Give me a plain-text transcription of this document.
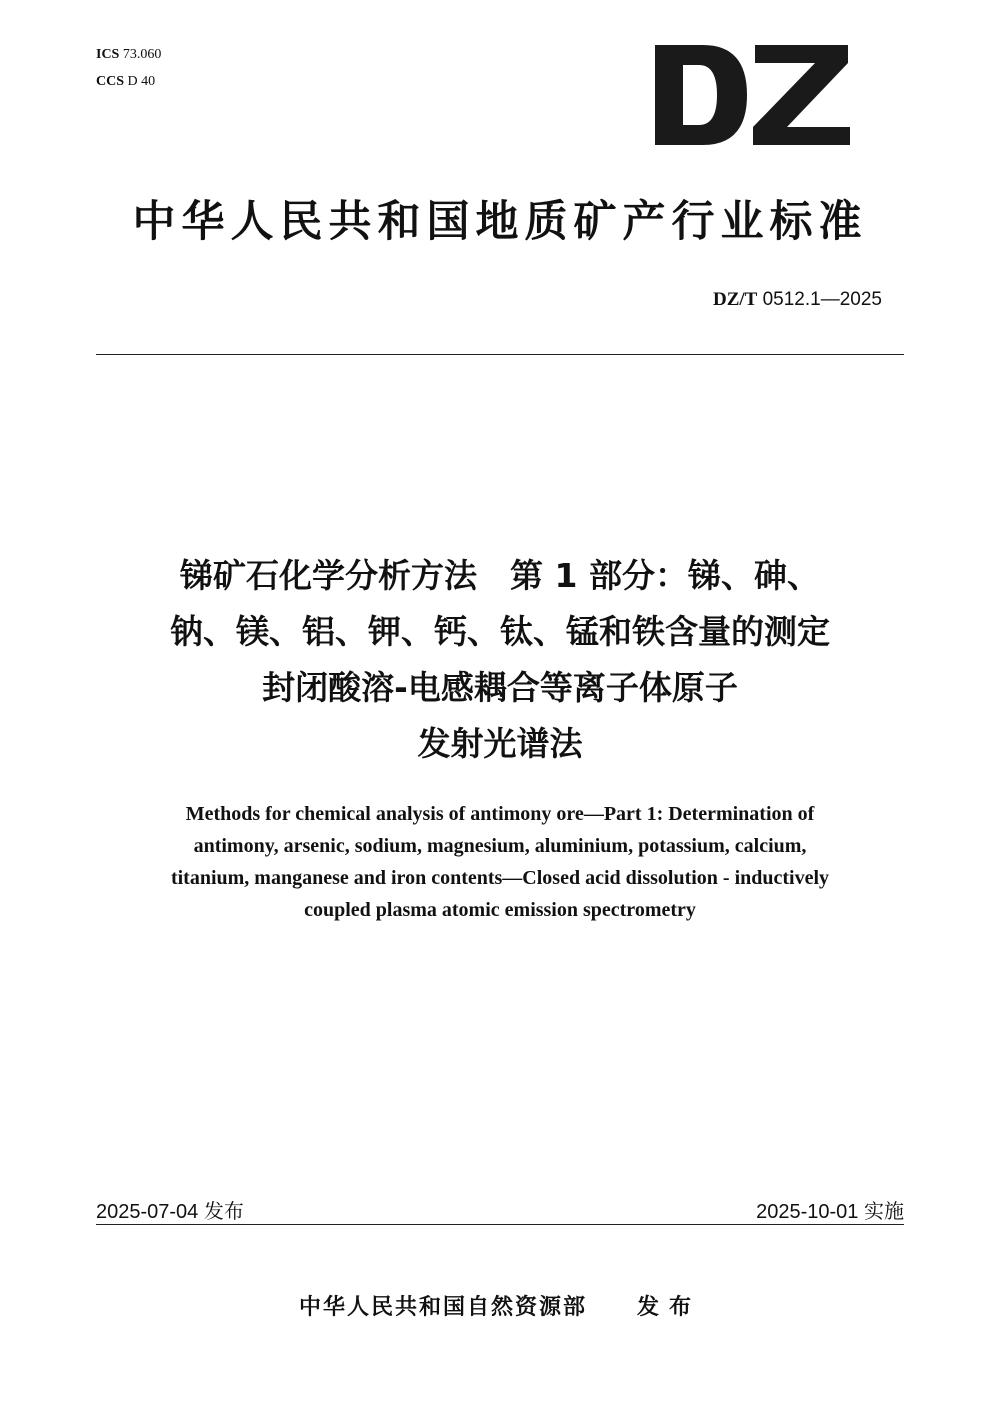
ICS 73.060
CCS D 40
中华人民共和国地质矿产行业标准
DZ/T 0512.1—2025
锑矿石化学分析方法　第 1 部分：锑、砷、
钠、镁、铝、钾、钙、钛、锰和铁含量的测定
封闭酸溶-电感耦合等离子体原子
发射光谱法
Methods for chemical analysis of antimony ore—Part 1: Determination of
antimony, arsenic, sodium, magnesium, aluminium, potassium, calcium,
titanium, manganese and iron contents—Closed acid dissolution - inductively
coupled plasma atomic emission spectrometry
2025-07-04 发布	2025-10-01 实施
中华人民共和国自然资源部 发布
